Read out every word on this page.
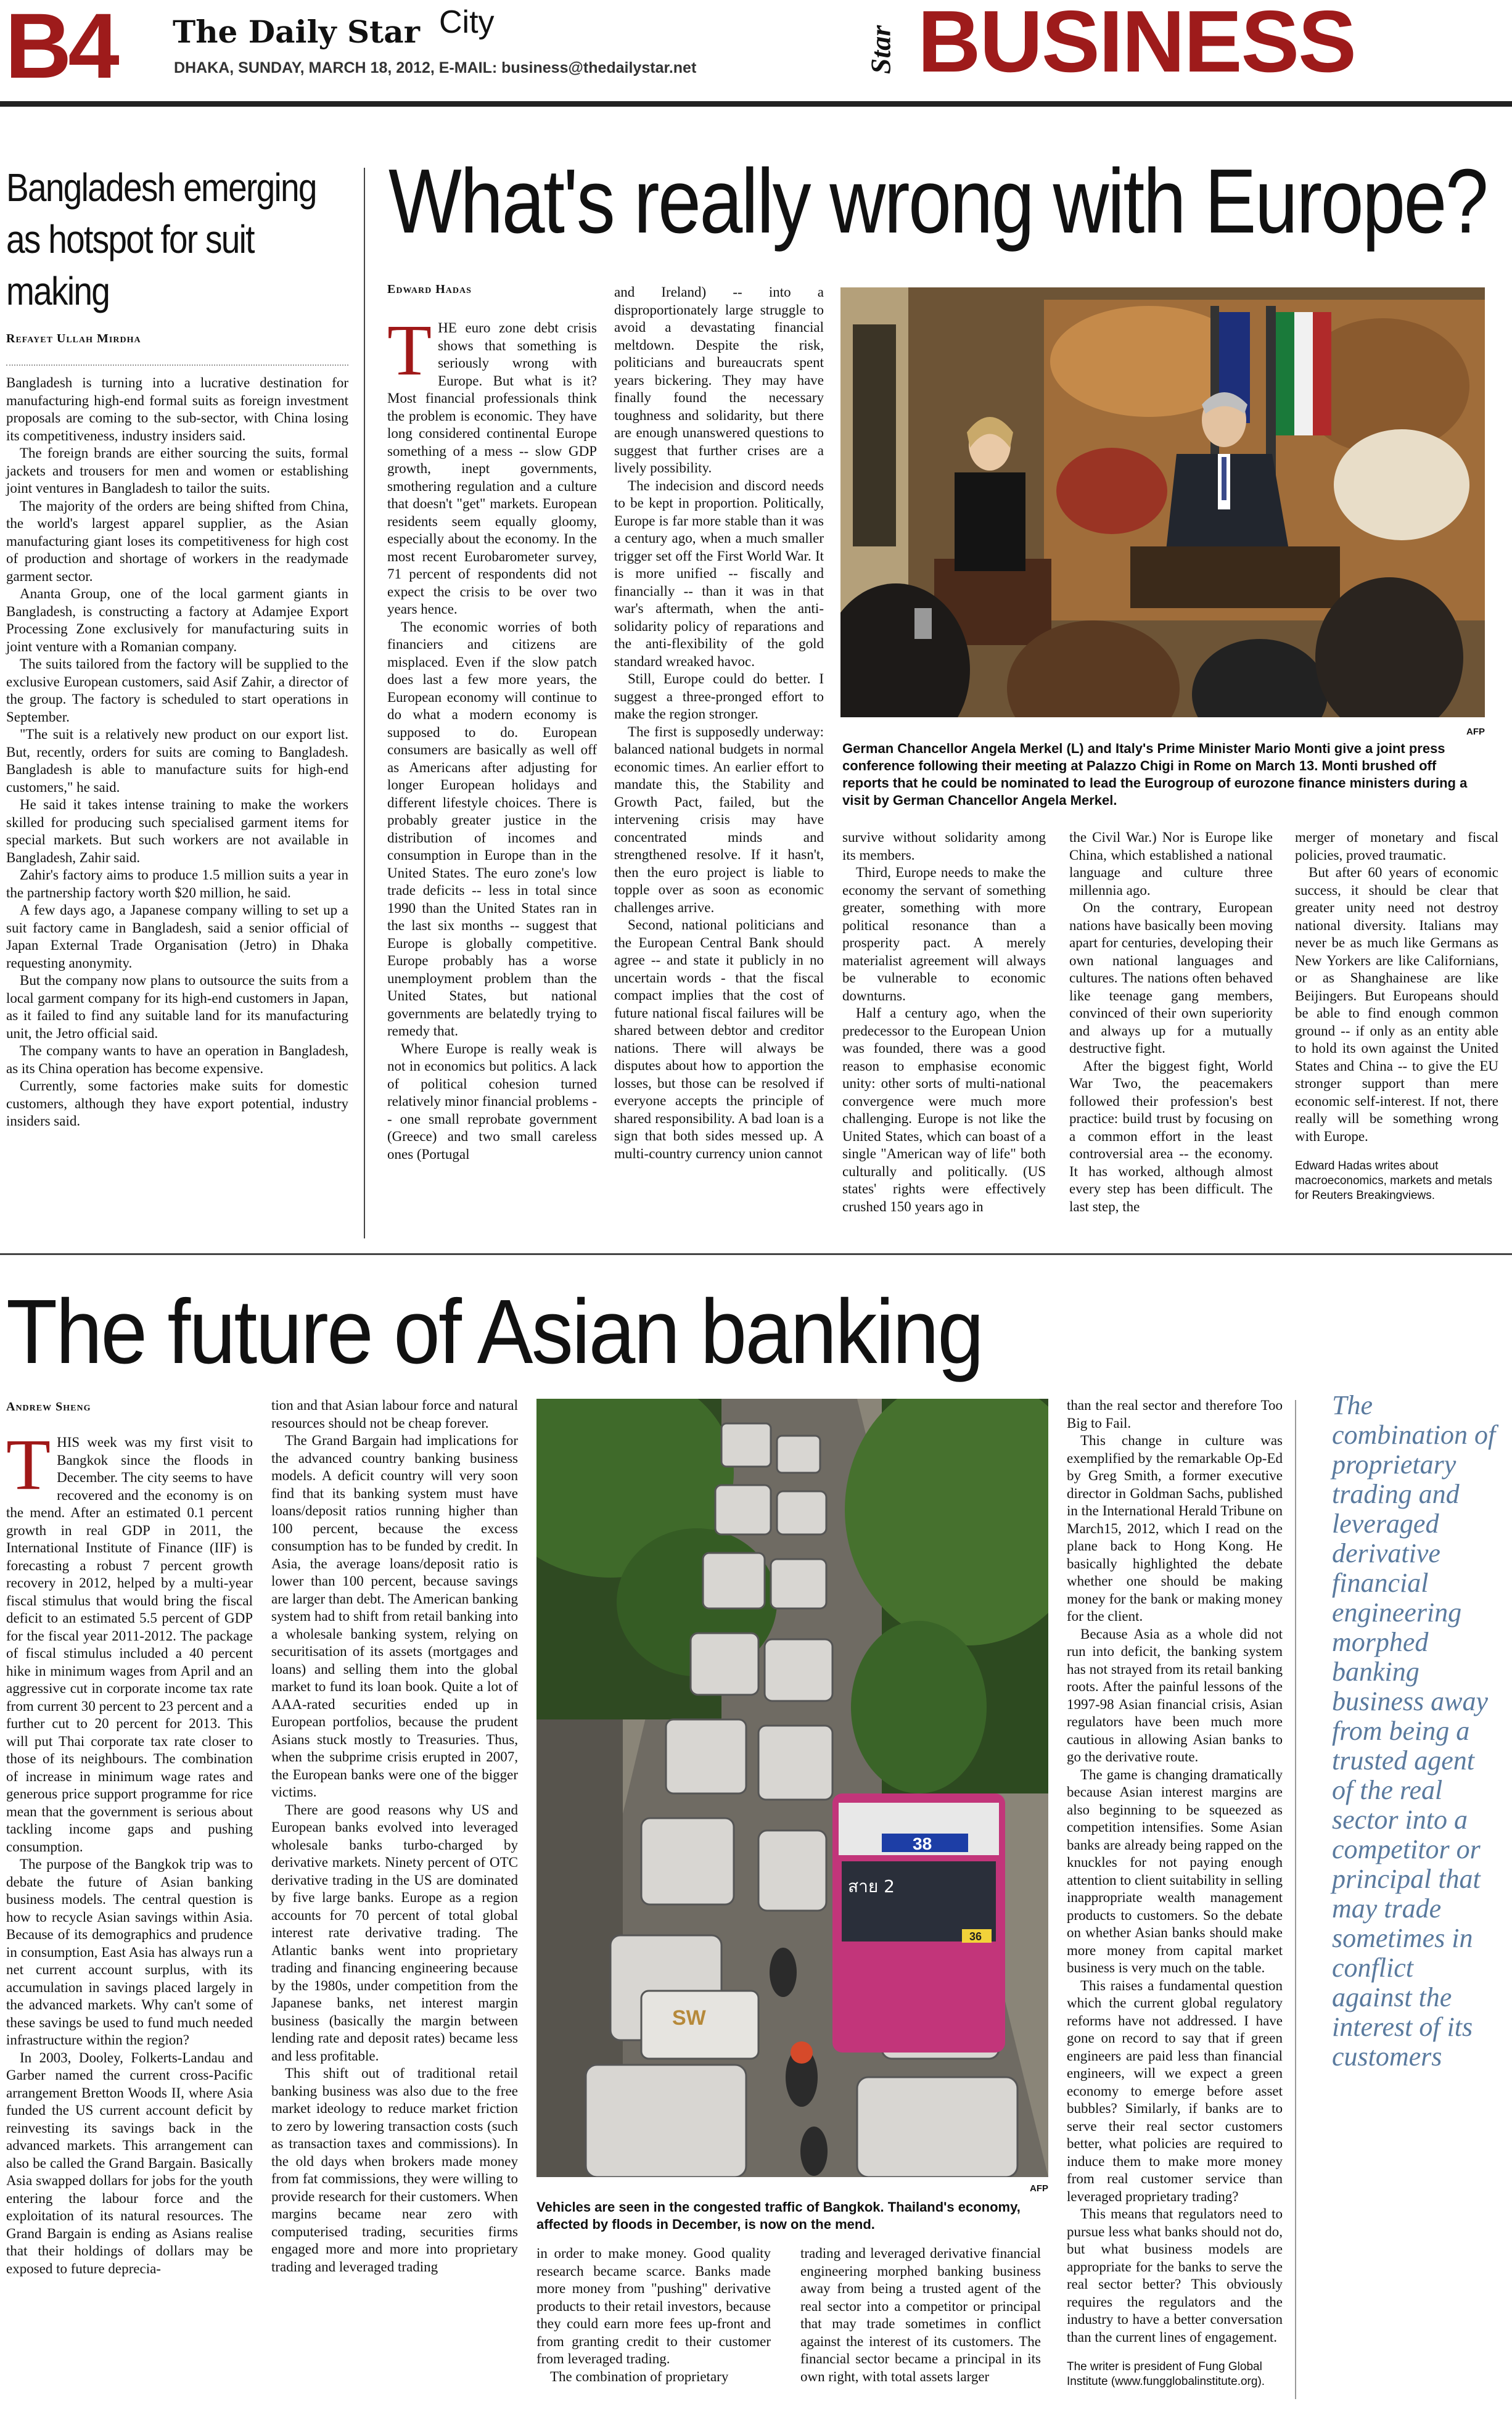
B4 The Daily Star City
DHAKA, SUNDAY, MARCH 18, 2012, E-MAIL: business@thedailystar.net	Star BUSINESS
Bangladesh emerging as hotspot for suit making
Refayet Ullah Mirdha

Bangladesh is turning into a lucrative destination for manufacturing high-end formal suits as foreign investment proposals are coming to the sub-sector, with China losing its competitiveness, industry insiders said.

The foreign brands are either sourcing the suits, formal jackets and trousers for men and women or establishing joint ventures in Bangladesh to tailor the suits.

The majority of the orders are being shifted from China, the world's largest apparel supplier, as the Asian manufacturing giant loses its competitiveness for high cost of production and shortage of workers in the readymade garment sector.

Ananta Group, one of the local garment giants in Bangladesh, is constructing a factory at Adamjee Export Processing Zone exclusively for manufacturing suits in joint venture with a Romanian company.

The suits tailored from the factory will be supplied to the exclusive European customers, said Asif Zahir, a director of the group. The factory is scheduled to start operations in September.

"The suit is a relatively new product on our export list. But, recently, orders for suits are coming to Bangladesh. Bangladesh is able to manufacture suits for high-end customers," he said.

He said it takes intense training to make the workers skilled for producing such specialised garment items for special markets. But such workers are not available in Bangladesh, Zahir said.

Zahir's factory aims to produce 1.5 million suits a year in the partnership factory worth $20 million, he said.

A few days ago, a Japanese company willing to set up a suit factory came in Bangladesh, said a senior official of Japan External Trade Organisation (Jetro) in Dhaka requesting anonymity.

But the company now plans to outsource the suits from a local garment company for its high-end customers in Japan, as it failed to find any suitable land for its manufacturing unit, the Jetro official said.

The company wants to have an operation in Bangladesh, as its China operation has become expensive.

Currently, some factories make suits for domestic customers, although they have export potential, industry insiders said.

What's really wrong with Europe?
Edward Hadas
T HE euro zone debt crisis shows that something is seriously wrong with Europe. But what is it? Most financial professionals think the problem is economic. They have long considered continental Europe something of a mess -- slow GDP growth, inept governments, smothering regulation and a culture that doesn't "get" markets. European residents seem equally gloomy, especially about the economy. In the most recent Eurobarometer survey, 71 percent of respondents did not expect the crisis to be over two years hence.

The economic worries of both financiers and citizens are misplaced. Even if the slow patch does last a few more years, the European economy will continue to do what a modern economy is supposed to do. European consumers are basically as well off as Americans after adjusting for longer European holidays and different lifestyle choices. There is probably greater justice in the distribution of incomes and consumption in Europe than in the United States. The euro zone's low trade deficits -- less in total since 1990 than the United States ran in the last six months -- suggest that Europe is globally competitive. Europe probably has a worse unemployment problem than the United States, but national governments are belatedly trying to remedy that.

Where Europe is really weak is not in economics but politics. A lack of political cohesion turned relatively minor financial problems -- one small reprobate government (Greece) and two small careless ones (Portugal

and Ireland) -- into a disproportionately large struggle to avoid a devastating financial meltdown. Despite the risk, politicians and bureaucrats spent years bickering. They may have finally found the necessary toughness and solidarity, but there are enough unanswered questions to suggest that further crises are a lively possibility.

The indecision and discord needs to be kept in proportion. Politically, Europe is far more stable than it was a century ago, when a much smaller trigger set off the First World War. It is more unified -- fiscally and financially -- than it was in that war's aftermath, when the anti-solidarity policy of reparations and the anti-flexibility of the gold standard wreaked havoc.

Still, Europe could do better. I suggest a three-pronged effort to make the region stronger.

The first is supposedly underway: balanced national budgets in normal economic times. An earlier effort to mandate this, the Stability and Growth Pact, failed, but the intervening crisis may have concentrated minds and strengthened resolve. If it hasn't, then the euro project is liable to topple over as soon as economic challenges arrive.

Second, national politicians and the European Central Bank should agree -- and state it publicly in no uncertain words - that the fiscal compact implies that the cost of future national fiscal failures will be shared between debtor and creditor nations. There will always be disputes about how to apportion the losses, but those can be resolved if everyone accepts the principle of shared responsibility. A bad loan is a sign that both sides messed up. A multi-country currency union cannot

AFP
German Chancellor Angela Merkel (L) and Italy's Prime Minister Mario Monti give a joint press conference following their meeting at Palazzo Chigi in Rome on March 13. Monti brushed off reports that he could be nominated to lead the Eurogroup of eurozone finance ministers during a visit by German Chancellor Angela Merkel.

survive without solidarity among its members.

Third, Europe needs to make the economy the servant of something greater, something with more political resonance than a prosperity pact. A merely materialist agreement will always be vulnerable to economic downturns.

Half a century ago, when the predecessor to the European Union was founded, there was a good reason to emphasise economic unity: other sorts of multi-national convergence were much more challenging. Europe is not like the United States, which can boast of a single "American way of life" both culturally and politically. (US states' rights were effectively crushed 150 years ago in

the Civil War.) Nor is Europe like China, which established a national language and culture three millennia ago.

On the contrary, European nations have basically been moving apart for centuries, developing their own national languages and cultures. The nations often behaved like teenage gang members, convinced of their own superiority and always up for a mutually destructive fight.

After the biggest fight, World War Two, the peacemakers followed their profession's best practice: build trust by focusing on a common effort in the least controversial area -- the economy. It has worked, although almost every step has been difficult. The last step, the

merger of monetary and fiscal policies, proved traumatic.

But after 60 years of economic success, it should be clear that greater unity need not destroy national diversity. Italians may never be as much like Germans as New Yorkers are like Californians, or as Shanghainese are like Beijingers. But Europeans should be able to find enough common ground -- if only as an entity able to hold its own against the United States and China -- to give the EU stronger support than mere economic self-interest. If not, there really will be something wrong with Europe.

Edward Hadas writes about macroeconomics, markets and metals for Reuters Breakingviews.

The future of Asian banking
Andrew Sheng
T HIS week was my first visit to Bangkok since the floods in December. The city seems to have recovered and the economy is on the mend. After an estimated 0.1 percent growth in real GDP in 2011, the International Institute of Finance (IIF) is forecasting a robust 7 percent growth recovery in 2012, helped by a multi-year fiscal stimulus that would bring the fiscal deficit to an estimated 5.5 percent of GDP for the fiscal year 2011-2012. The package of fiscal stimulus included a 40 percent hike in minimum wages from April and an aggressive cut in corporate income tax rate from current 30 percent to 23 percent and a further cut to 20 percent for 2013. This will put Thai corporate tax rate closer to those of its neighbours. The combination of increase in minimum wage rates and generous price support programme for rice mean that the government is serious about tackling income gaps and pushing consumption.

The purpose of the Bangkok trip was to debate the future of Asian banking business models. The central question is how to recycle Asian savings within Asia. Because of its demographics and prudence in consumption, East Asia has always run a net current account surplus, with its accumulation in savings placed largely in the advanced markets. Why can't some of these savings be used to fund much needed infrastructure within the region?

In 2003, Dooley, Folkerts-Landau and Garber named the current cross-Pacific arrangement Bretton Woods II, where Asia funded the US current account deficit by reinvesting its savings back in the advanced markets. This arrangement can also be called the Grand Bargain. Basically Asia swapped dollars for jobs for the youth entering the labour force and the exploitation of its natural resources. The Grand Bargain is ending as Asians realise that their holdings of dollars may be exposed to future deprecia-

tion and that Asian labour force and natural resources should not be cheap forever.

The Grand Bargain had implications for the advanced country banking business models. A deficit country will very soon find that its banking system must have loans/deposit ratios running higher than 100 percent, because the excess consumption has to be funded by credit. In Asia, the average loans/deposit ratio is lower than 100 percent, because savings are larger than debt. The American banking system had to shift from retail banking into a wholesale banking system, relying on securitisation of its assets (mortgages and loans) and selling them into the global market to fund its loan book. Quite a lot of AAA-rated securities ended up in European portfolios, because the prudent Asians stuck mostly to Treasuries. Thus, when the subprime crisis erupted in 2007, the European banks were one of the bigger victims.

There are good reasons why US and European banks evolved into leveraged wholesale banks turbo-charged by derivative markets. Ninety percent of OTC derivative trading in the US are dominated by five large banks. Europe as a region accounts for 70 percent of total global interest rate derivative trading. The Atlantic banks went into proprietary trading and financing engineering because by the 1980s, under competition from the Japanese banks, net interest margin business (basically the margin between lending rate and deposit rates) became less and less profitable.

This shift out of traditional retail banking business was also due to the free market ideology to reduce market friction to zero by lowering transaction costs (such as transaction taxes and commissions). In the old days when brokers made money from fat commissions, they were willing to provide research for their customers. When margins became near zero with computerised trading, securities firms engaged more and more into proprietary trading and leveraged trading

38
สาย 2
36
SW
AFP
Vehicles are seen in the congested traffic of Bangkok. Thailand's economy, affected by floods in December, is now on the mend.

in order to make money. Good quality research became scarce. Banks made more money from "pushing" derivative products to their retail investors, because they could earn more fees up-front and from granting credit to their customer from leveraged trading.

The combination of proprietary

trading and leveraged derivative financial engineering morphed banking business away from being a trusted agent of the real sector into a competitor or principal that may trade sometimes in conflict against the interest of its customers. The financial sector became a principal in its own right, with total assets larger

than the real sector and therefore Too Big to Fail.

This change in culture was exemplified by the remarkable Op-Ed by Greg Smith, a former executive director in Goldman Sachs, published in the International Herald Tribune on March15, 2012, which I read on the plane back to Hong Kong. He basically highlighted the debate whether one should be making money for the bank or making money for the client.

Because Asia as a whole did not run into deficit, the banking system has not strayed from its retail banking roots. After the painful lessons of the 1997-98 Asian financial crisis, Asian regulators have been much more cautious in allowing Asian banks to go the derivative route.

The game is changing dramatically because Asian interest margins are also beginning to be squeezed as competition intensifies. Some Asian banks are already being rapped on the knuckles for not paying enough attention to client suitability in selling inappropriate wealth management products to customers. So the debate on whether Asian banks should make more money from capital market business is very much on the table.

This raises a fundamental question which the current global regulatory reforms have not addressed. I have gone on record to say that if green engineers are paid less than financial engineers, will we expect a green economy to emerge before asset bubbles? Similarly, if banks are to serve their real sector customers better, what policies are required to induce them to make more money from real customer service than leveraged proprietary trading?

This means that regulators need to pursue less what banks should not do, but what business models are appropriate for the banks to serve the real sector better? This obviously requires the regulators and the industry to have a better conversation than the current lines of engagement.

The writer is president of Fung Global Institute (www.fungglobalinstitute.org).

The combination of proprietary trading and leveraged derivative financial engineering morphed banking business away from being a trusted agent of the real sector into a competitor or principal that may trade sometimes in conflict against the interest of its customers
